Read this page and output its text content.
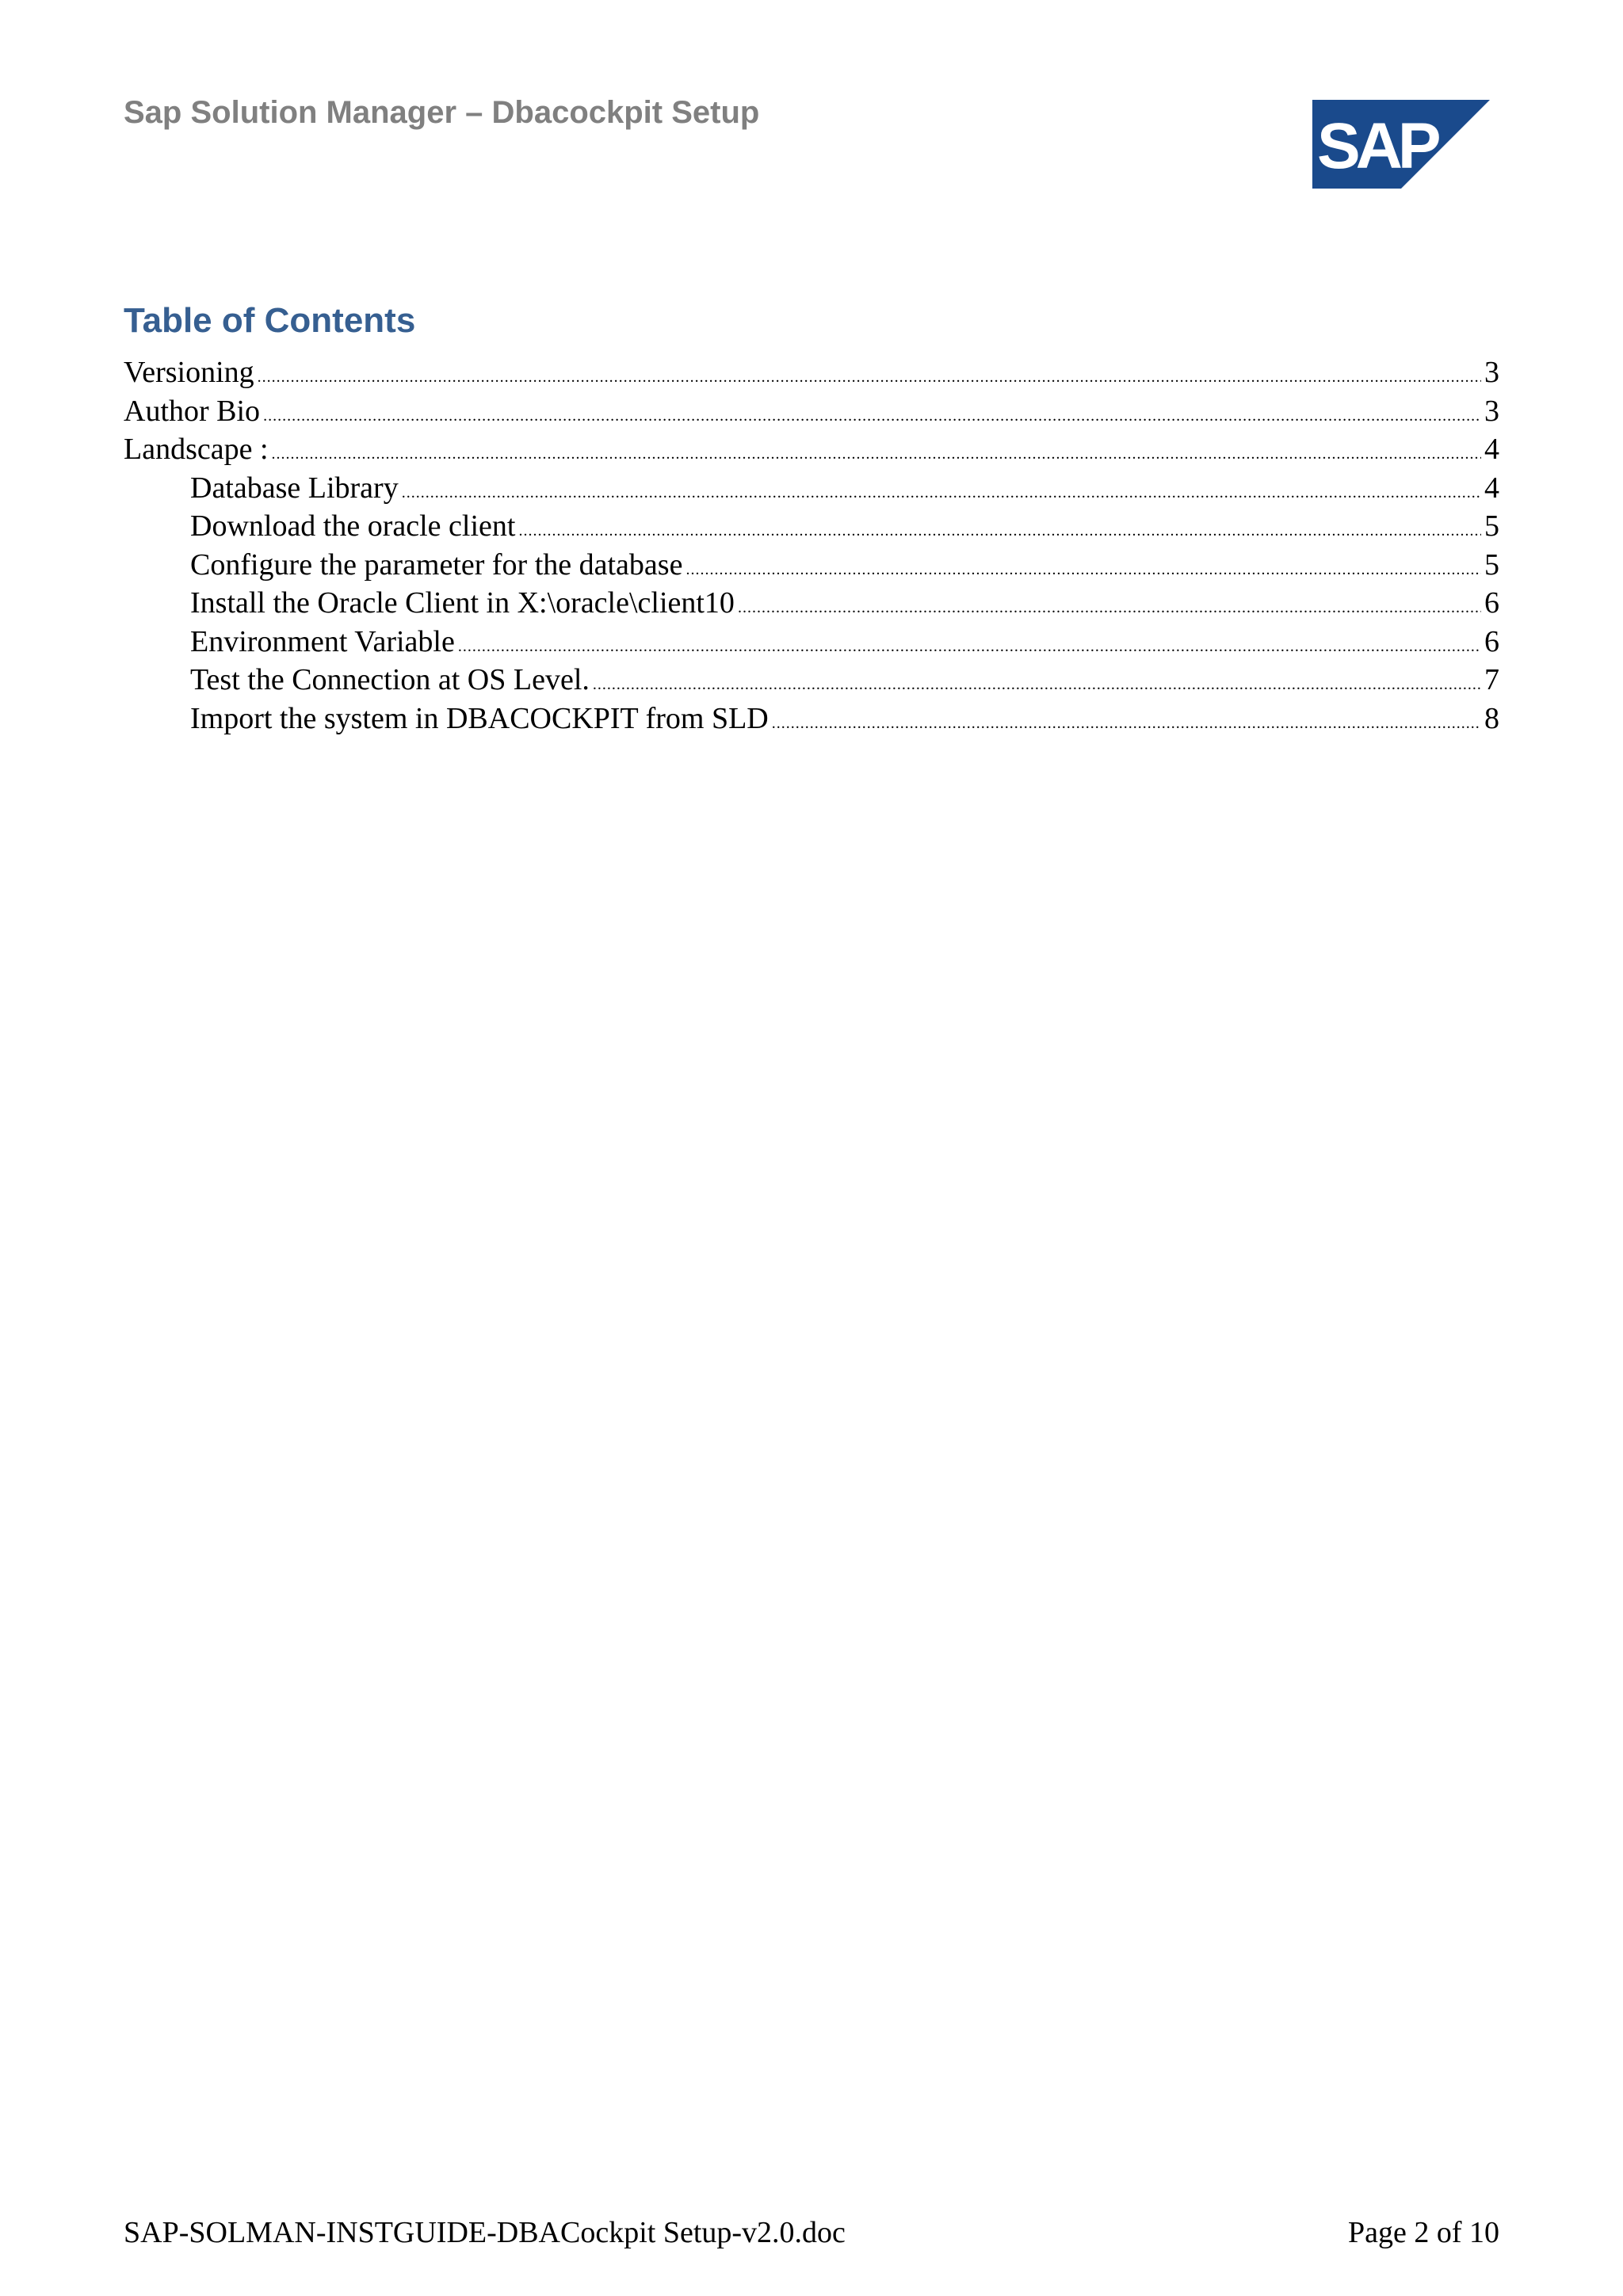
Sap Solution Manager – Dbacockpit Setup	SAP
Table of Contents
Versioning .....	3
Author Bio .....	3
Landscape : .....	4
Database Library .....	4
Download the oracle client .....	5
Configure the parameter for the database .....	5
Install the Oracle Client in X:\oracle\client10 .....	6
Environment Variable .....	6
Test the Connection at OS Level. .....	7
Import the system in DBACOCKPIT from SLD .....	8
SAP-SOLMAN-INSTGUIDE-DBACockpit Setup-v2.0.doc	Page 2 of 10
